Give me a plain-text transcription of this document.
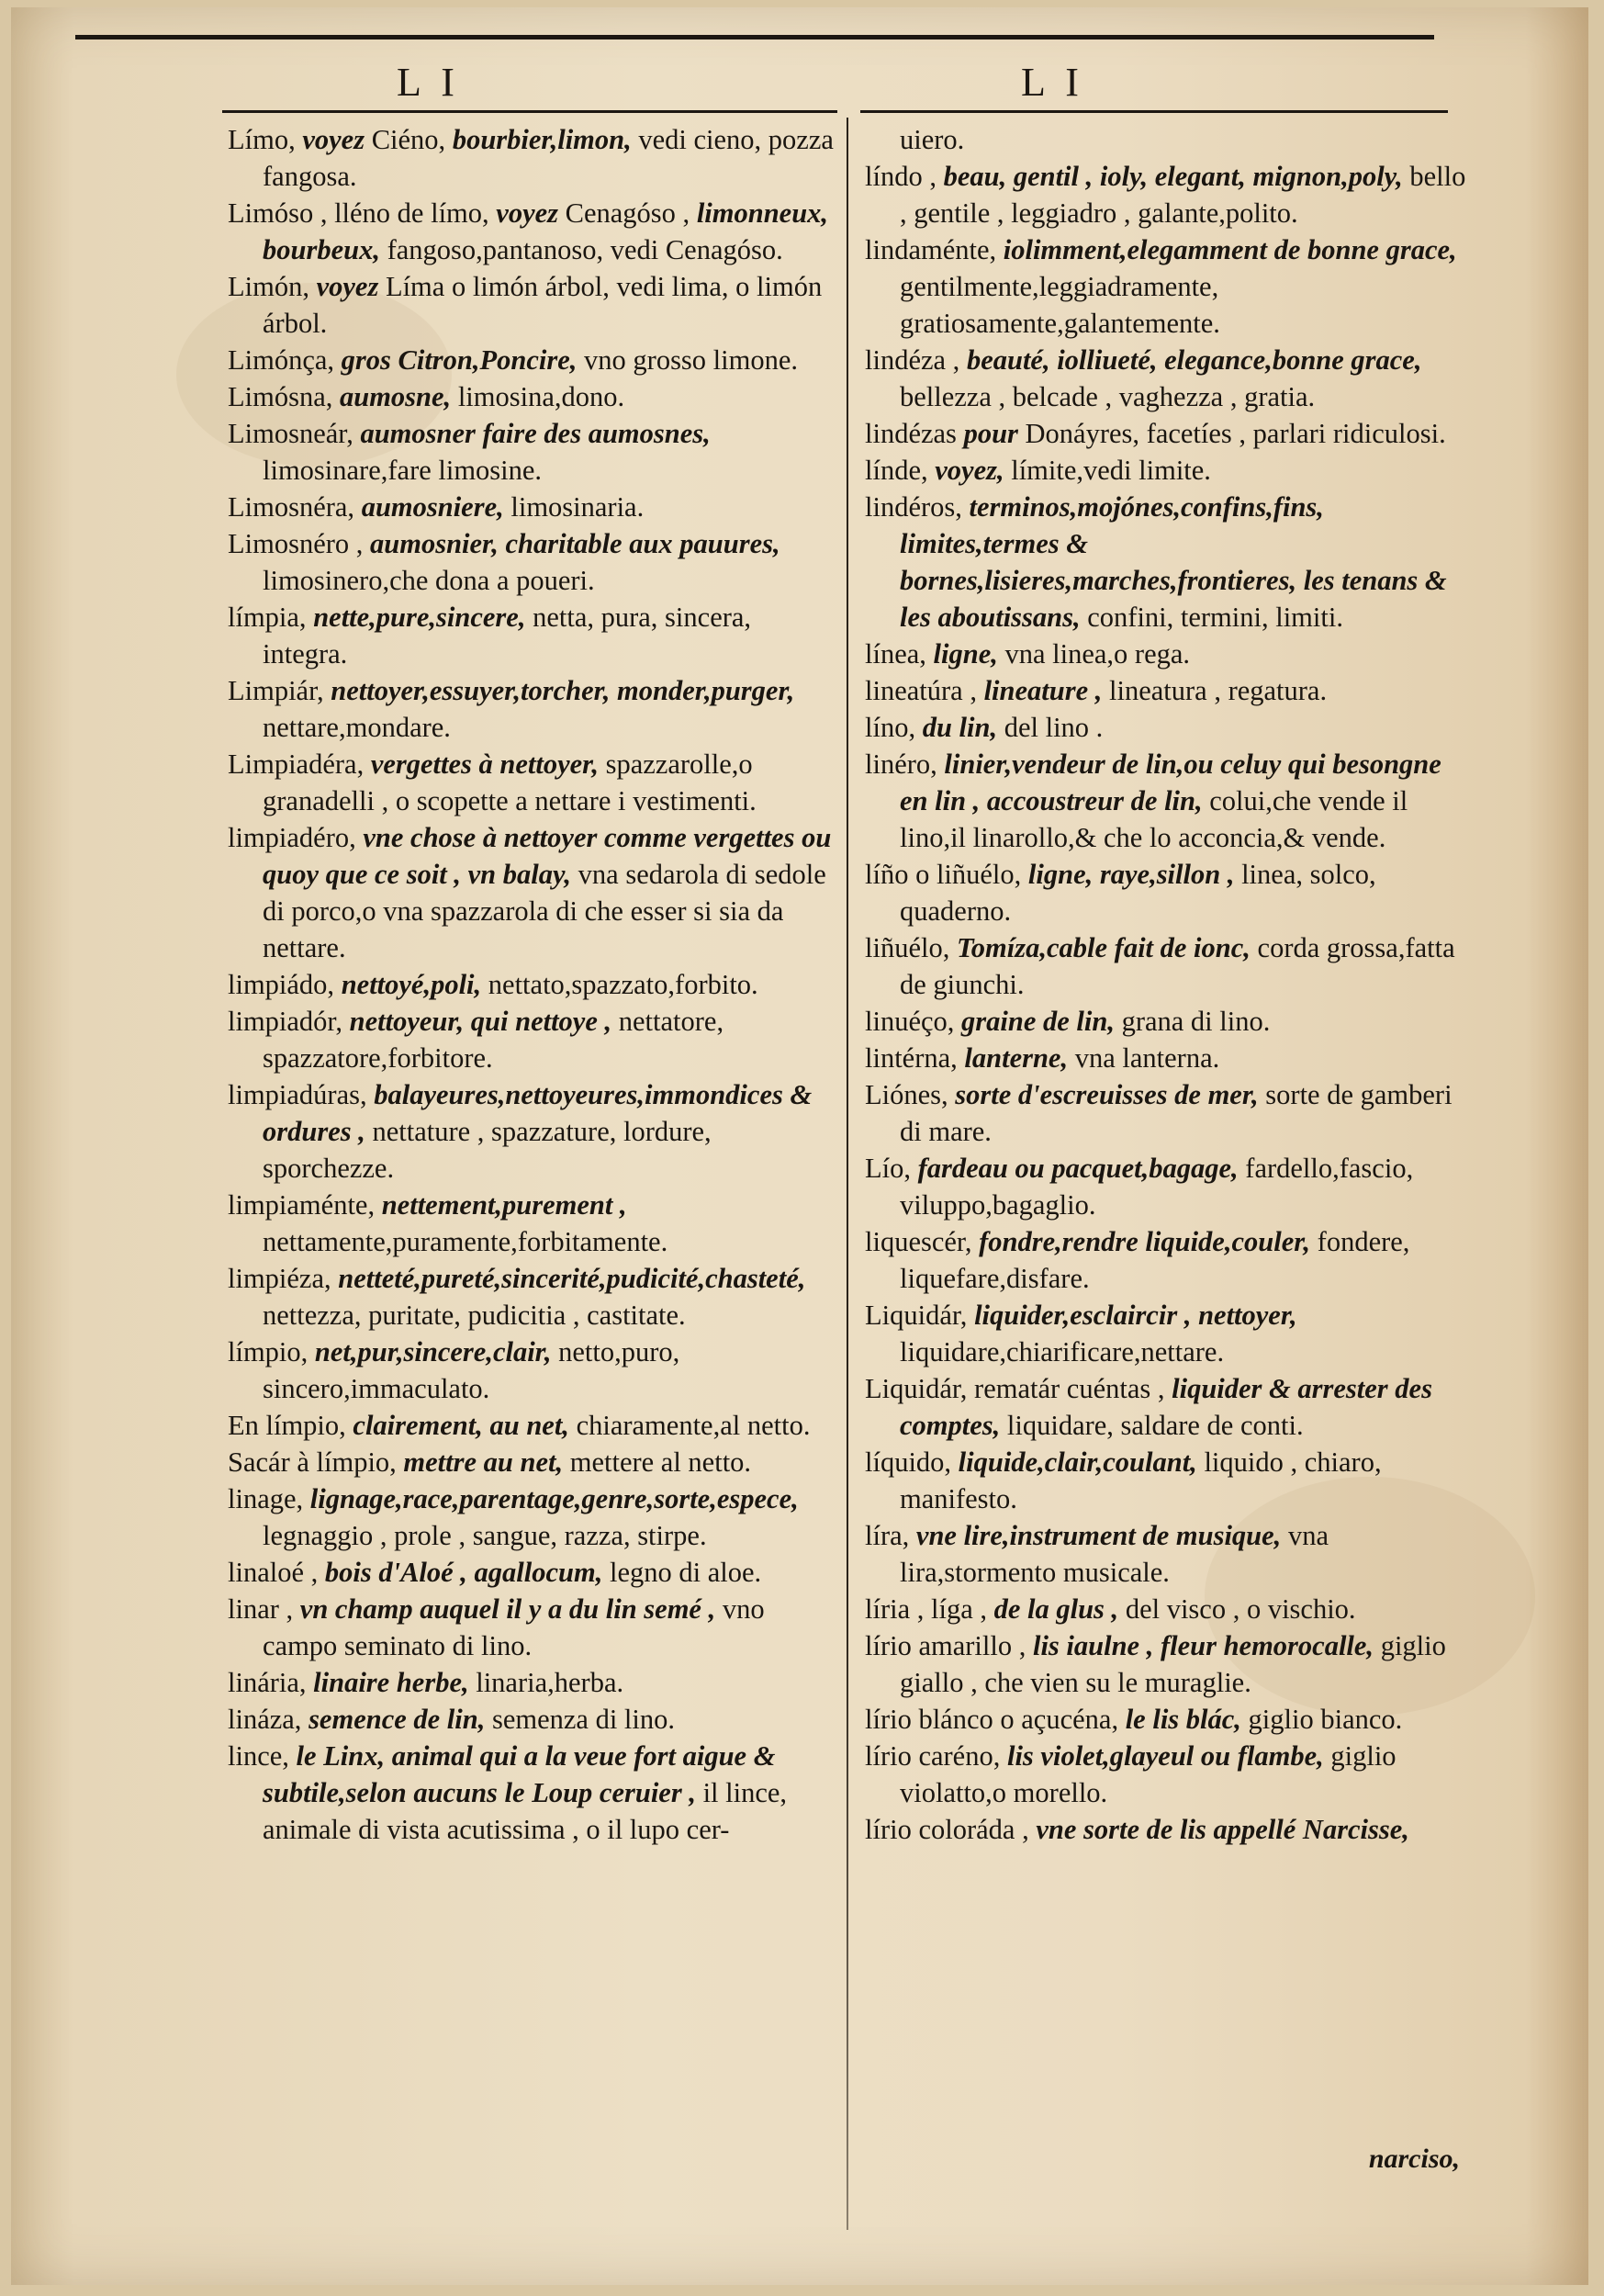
L I	L I
Límo, voyez Ciéno, bourbier,limon, vedi cieno, pozza fangosa.
Limóso , lléno de límo, voyez Cenagóso , limonneux, bourbeux, fangoso,pantanoso, vedi Cenagóso.
Limón, voyez Líma o limón árbol, vedi lima, o limón árbol.
Limónça, gros Citron,Poncire, vno grosso limone.
Limósna, aumosne, limosina,dono.
Limosneár, aumosner faire des aumosnes, limosinare,fare limosine.
Limosnéra, aumosniere, limosinaria.
Limosnéro , aumosnier, charitable aux pauures, limosinero,che dona a poueri.
límpia, nette,pure,sincere, netta, pura, sincera, integra.
Limpiár, nettoyer,essuyer,torcher, monder,purger, nettare,mondare.
Limpiadéra, vergettes à nettoyer, spazzarolle,o granadelli , o scopette a nettare i vestimenti.
limpiadéro, vne chose à nettoyer comme vergettes ou quoy que ce soit , vn balay, vna sedarola di sedole di porco,o vna spazzarola di che esser si sia da nettare.
limpiádo, nettoyé,poli, nettato,spazzato,forbito.
limpiadór, nettoyeur, qui nettoye , nettatore, spazzatore,forbitore.
limpiadúras, balayeures,nettoyeures,immondices & ordures , nettature , spazzature, lordure, sporchezze.
limpiaménte, nettement,purement , nettamente,puramente,forbitamente.
limpiéza, netteté,pureté,sincerité,pudicité,chasteté, nettezza, puritate, pudicitia , castitate.
límpio, net,pur,sincere,clair, netto,puro, sincero,immaculato.
En límpio, clairement, au net, chiaramente,al netto.
Sacár à límpio, mettre au net, mettere al netto.
linage, lignage,race,parentage,genre,sorte,espece, legnaggio , prole , sangue, razza, stirpe.
linaloé , bois d'Aloé , agallocum, legno di aloe.
linar , vn champ auquel il y a du lin semé , vno campo seminato di lino.
linária, linaire herbe, linaria,herba.
lináza, semence de lin, semenza di lino.
lince, le Linx, animal qui a la veue fort aigue & subtile,selon aucuns le Loup ceruier , il lince, animale di vista acutissima , o il lupo cer-
uiero.
líndo , beau, gentil , ioly, elegant, mignon,poly, bello , gentile , leggiadro , galante,polito.
lindaménte, iolimment,elegamment de bonne grace, gentilmente,leggiadramente, gratiosamente,galantemente.
lindéza , beauté, iolliueté, elegance,bonne grace, bellezza , belcade , vaghezza , gratia.
lindézas pour Donáyres, facetíes , parlari ridiculosi.
línde, voyez, límite,vedi limite.
lindéros, terminos,mojónes,confins,fins, limites,termes & bornes,lisieres,marches,frontieres, les tenans & les aboutissans, confini, termini, limiti.
línea, ligne, vna linea,o rega.
lineatúra , lineature , lineatura , regatura.
líno, du lin, del lino .
linéro, linier,vendeur de lin,ou celuy qui besongne en lin , accoustreur de lin, colui,che vende il lino,il linarollo,& che lo acconcia,& vende.
líño o liñuélo, ligne, raye,sillon , linea, solco, quaderno.
liñuélo, Tomíza,cable fait de ionc, corda grossa,fatta de giunchi.
linuéço, graine de lin, grana di lino.
lintérna, lanterne, vna lanterna.
Liónes, sorte d'escreuisses de mer, sorte de gamberi di mare.
Lío, fardeau ou pacquet,bagage, fardello,fascio, viluppo,bagaglio.
liquescér, fondre,rendre liquide,couler, fondere, liquefare,disfare.
Liquidár, liquider,esclaircir , nettoyer, liquidare,chiarificare,nettare.
Liquidár, rematár cuéntas , liquider & arrester des comptes, liquidare, saldare de conti.
líquido, liquide,clair,coulant, liquido , chiaro, manifesto.
líra, vne lire,instrument de musique, vna lira,stormento musicale.
líria , líga , de la glus , del visco , o vischio.
lírio amarillo , lis iaulne , fleur hemorocalle, giglio giallo , che vien su le muraglie.
lírio blánco o açucéna, le lis blác, giglio bianco.
lírio caréno, lis violet,glayeul ou flambe, giglio violatto,o morello.
lírio coloráda , vne sorte de lis appellé Narcisse,
narciso,
